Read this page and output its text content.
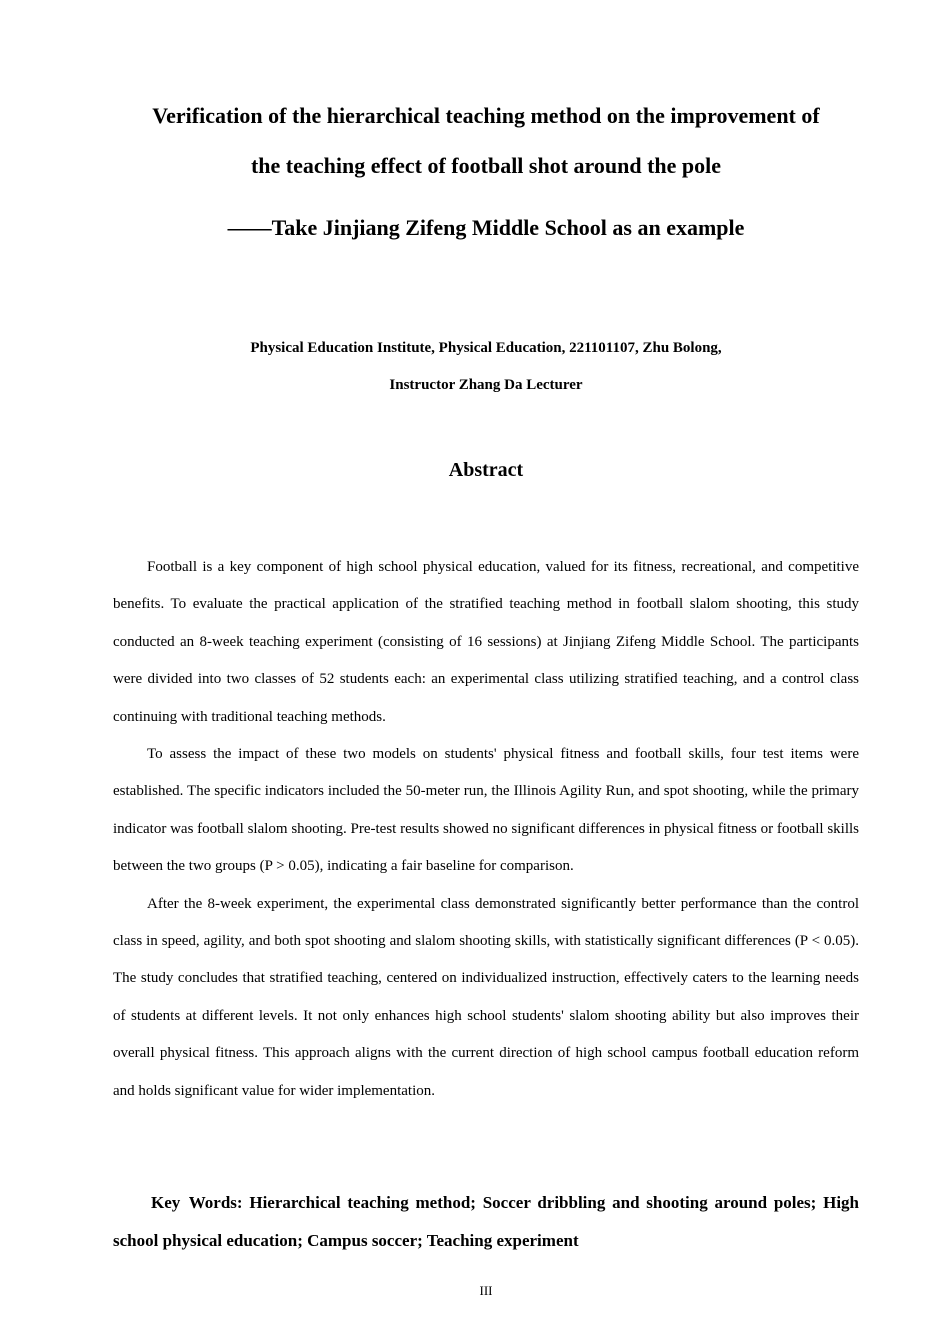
Verification of the hierarchical teaching method on the improvement of
the teaching effect of football shot around the pole
——Take Jinjiang Zifeng Middle School as an example

Physical Education Institute, Physical Education, 221101107, Zhu Bolong,

Instructor Zhang Da Lecturer

Abstract

Football is a key component of high school physical education, valued for its fitness, recreational, and competitive benefits. To evaluate the practical application of the stratified teaching method in football slalom shooting, this study conducted an 8-week teaching experiment (consisting of 16 sessions) at Jinjiang Zifeng Middle School. The participants were divided into two classes of 52 students each: an experimental class utilizing stratified teaching, and a control class continuing with traditional teaching methods.

To assess the impact of these two models on students' physical fitness and football skills, four test items were established. The specific indicators included the 50-meter run, the Illinois Agility Run, and spot shooting, while the primary indicator was football slalom shooting. Pre-test results showed no significant differences in physical fitness or football skills between the two groups (P > 0.05), indicating a fair baseline for comparison.

After the 8-week experiment, the experimental class demonstrated significantly better performance than the control class in speed, agility, and both spot shooting and slalom shooting skills, with statistically significant differences (P < 0.05). The study concludes that stratified teaching, centered on individualized instruction, effectively caters to the learning needs of students at different levels. It not only enhances high school students' slalom shooting ability but also improves their overall physical fitness. This approach aligns with the current direction of high school campus football education reform and holds significant value for wider implementation.

Key Words: Hierarchical teaching method; Soccer dribbling and shooting around poles; High school physical education; Campus soccer; Teaching experiment

III
